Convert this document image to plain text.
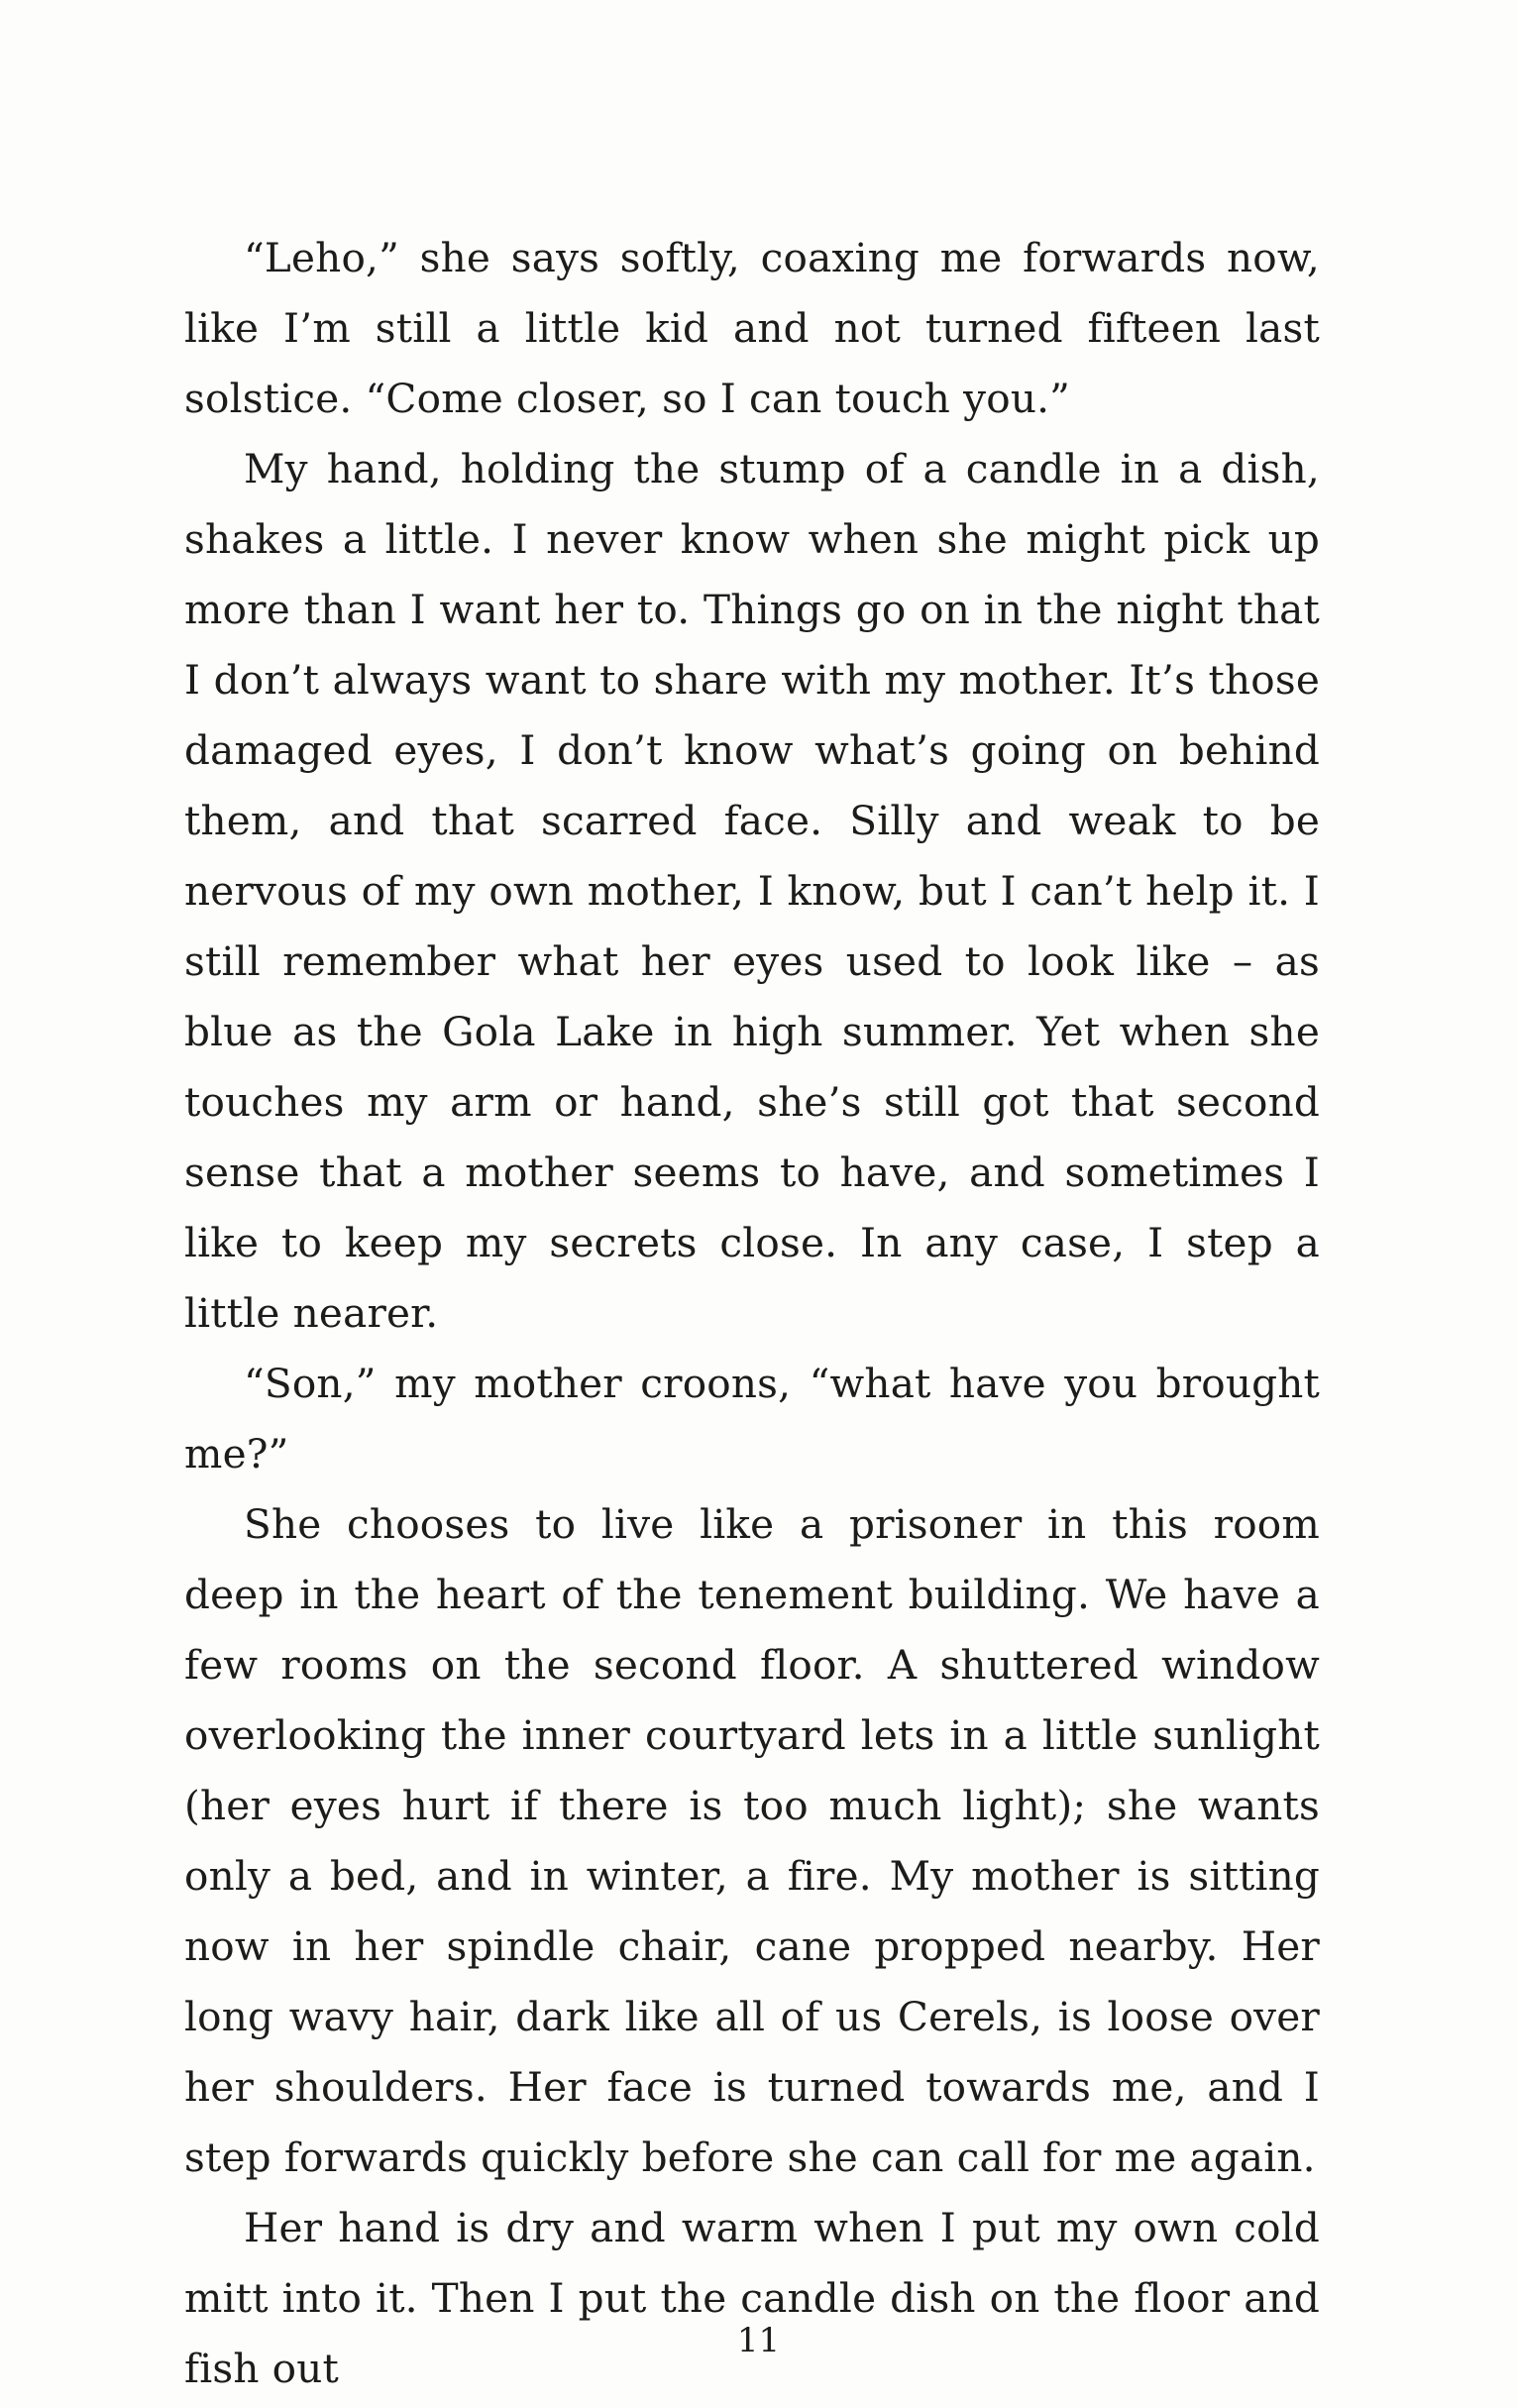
“Leho,” she says softly, coaxing me forwards now, like I’m still a little kid and not turned fifteen last solstice. “Come closer, so I can touch you.”

My hand, holding the stump of a candle in a dish, shakes a little. I never know when she might pick up more than I want her to. Things go on in the night that I don’t always want to share with my mother. It’s those damaged eyes, I don’t know what’s going on behind them, and that scarred face. Silly and weak to be nervous of my own mother, I know, but I can’t help it. I still remember what her eyes used to look like – as blue as the Gola Lake in high summer. Yet when she touches my arm or hand, she’s still got that second sense that a mother seems to have, and sometimes I like to keep my secrets close. In any case, I step a little nearer.

“Son,” my mother croons, “what have you brought me?”

She chooses to live like a prisoner in this room deep in the heart of the tenement building. We have a few rooms on the second floor. A shuttered window overlooking the inner courtyard lets in a little sunlight (her eyes hurt if there is too much light); she wants only a bed, and in winter, a fire. My mother is sitting now in her spindle chair, cane propped nearby. Her long wavy hair, dark like all of us Cerels, is loose over her shoulders. Her face is turned towards me, and I step forwards quickly before she can call for me again.

Her hand is dry and warm when I put my own cold mitt into it. Then I put the candle dish on the floor and fish out

11
